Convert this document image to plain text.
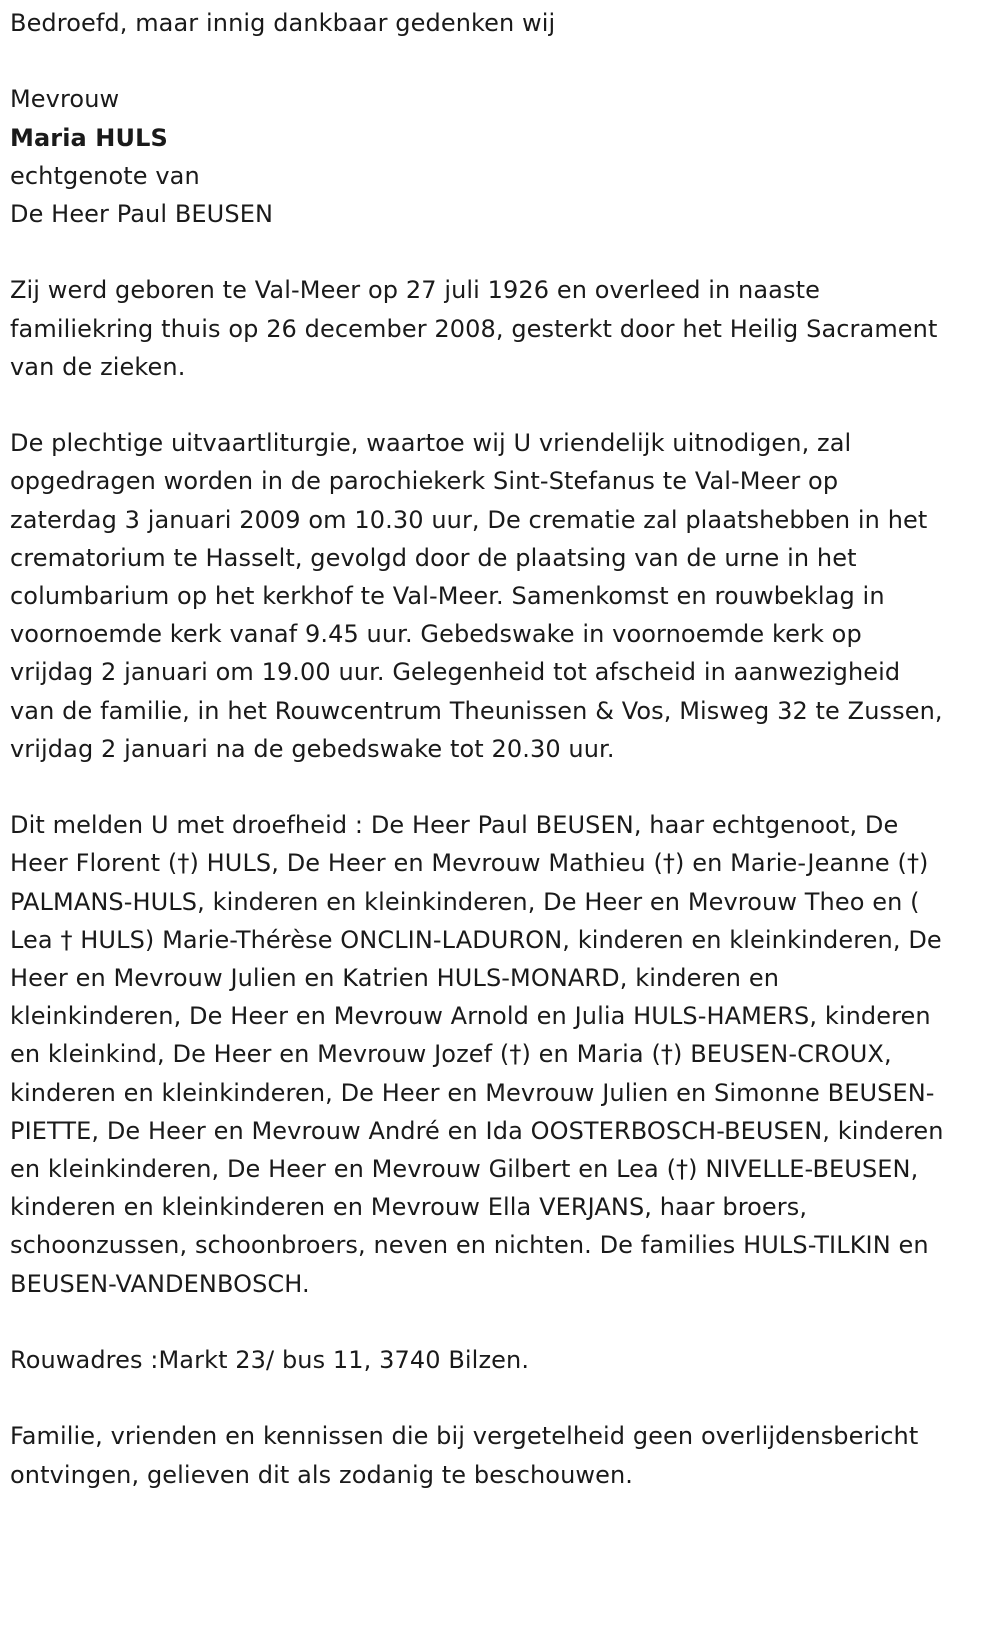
Bedroefd, maar innig dankbaar gedenken wij

Mevrouw

Maria HULS

echtgenote van

De Heer Paul BEUSEN

Zij werd geboren te Val-Meer op 27 juli 1926 en overleed in naaste familiekring thuis op 26 december 2008, gesterkt door het Heilig Sacrament van de zieken.

De plechtige uitvaartliturgie, waartoe wij U vriendelijk uitnodigen, zal opgedragen worden in de parochiekerk Sint-Stefanus te Val-Meer op zaterdag 3 januari 2009 om 10.30 uur, De crematie zal plaatshebben in het crematorium te Hasselt, gevolgd door de plaatsing van de urne in het columbarium op het kerkhof te Val-Meer. Samenkomst en rouwbeklag in voornoemde kerk vanaf 9.45 uur. Gebedswake in voornoemde kerk op vrijdag 2 januari om 19.00 uur. Gelegenheid tot afscheid in aanwezigheid van de familie, in het Rouwcentrum Theunissen & Vos, Misweg 32 te Zussen, vrijdag 2 januari na de gebedswake tot 20.30 uur.

Dit melden U met droefheid : De Heer Paul BEUSEN, haar echtgenoot, De Heer Florent (†) HULS, De Heer en Mevrouw Mathieu (†) en Marie-Jeanne (†) PALMANS-HULS, kinderen en kleinkinderen, De Heer en Mevrouw Theo en ( Lea † HULS) Marie-Thérèse ONCLIN-LADURON, kinderen en kleinkinderen, De Heer en Mevrouw Julien en Katrien HULS-MONARD, kinderen en kleinkinderen, De Heer en Mevrouw Arnold en Julia HULS-HAMERS, kinderen en kleinkind, De Heer en Mevrouw Jozef (†) en Maria (†) BEUSEN-CROUX, kinderen en kleinkinderen, De Heer en Mevrouw Julien en Simonne BEUSEN-PIETTE, De Heer en Mevrouw André en Ida OOSTERBOSCH-BEUSEN, kinderen en kleinkinderen, De Heer en Mevrouw Gilbert en Lea (†) NIVELLE-BEUSEN, kinderen en kleinkinderen en Mevrouw Ella VERJANS, haar broers, schoonzussen, schoonbroers, neven en nichten. De families HULS-TILKIN en BEUSEN-VANDENBOSCH.

Rouwadres :Markt 23/ bus 11, 3740 Bilzen.

Familie, vrienden en kennissen die bij vergetelheid geen overlijdensbericht ontvingen, gelieven dit als zodanig te beschouwen.
